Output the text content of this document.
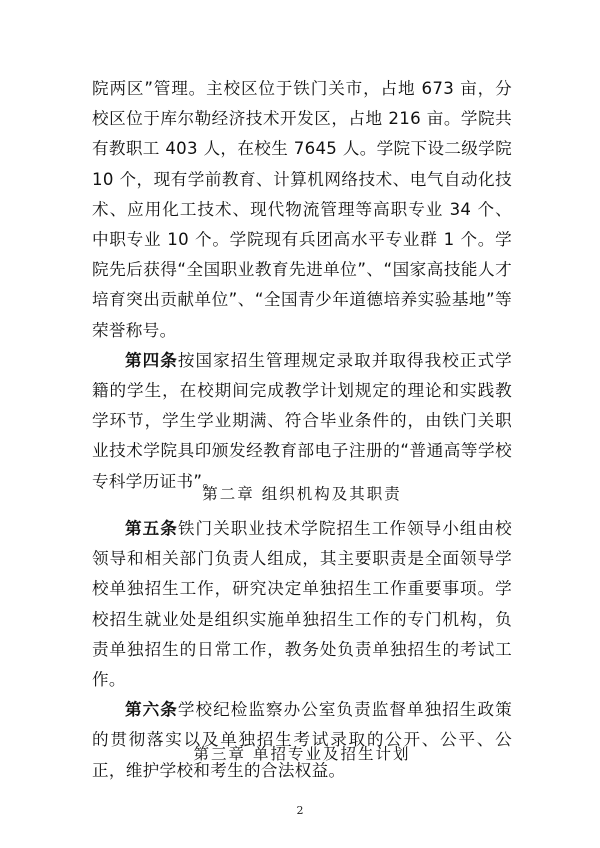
院两区”管理。主校区位于铁门关市，占地 673 亩，分校区位于库尔勒经济技术开发区，占地 216 亩。学院共有教职工 403 人，在校生 7645 人。学院下设二级学院 10 个，现有学前教育、计算机网络技术、电气自动化技术、应用化工技术、现代物流管理等高职专业 34 个、中职专业 10 个。学院现有兵团高水平专业群 1 个。学院先后获得“全国职业教育先进单位”、“国家高技能人才培育突出贡献单位”、“全国青少年道德培养实验基地”等荣誉称号。

第四条按国家招生管理规定录取并取得我校正式学籍的学生，在校期间完成教学计划规定的理论和实践教学环节，学生学业期满、符合毕业条件的，由铁门关职业技术学院具印颁发经教育部电子注册的“普通高等学校专科学历证书”。

第二章 组织机构及其职责

第五条铁门关职业技术学院招生工作领导小组由校领导和相关部门负责人组成，其主要职责是全面领导学校单独招生工作，研究决定单独招生工作重要事项。学校招生就业处是组织实施单独招生工作的专门机构，负责单独招生的日常工作，教务处负责单独招生的考试工作。

第六条学校纪检监察办公室负责监督单独招生政策的贯彻落实以及单独招生考试录取的公开、公平、公正，维护学校和考生的合法权益。

第三章 单招专业及招生计划
2
